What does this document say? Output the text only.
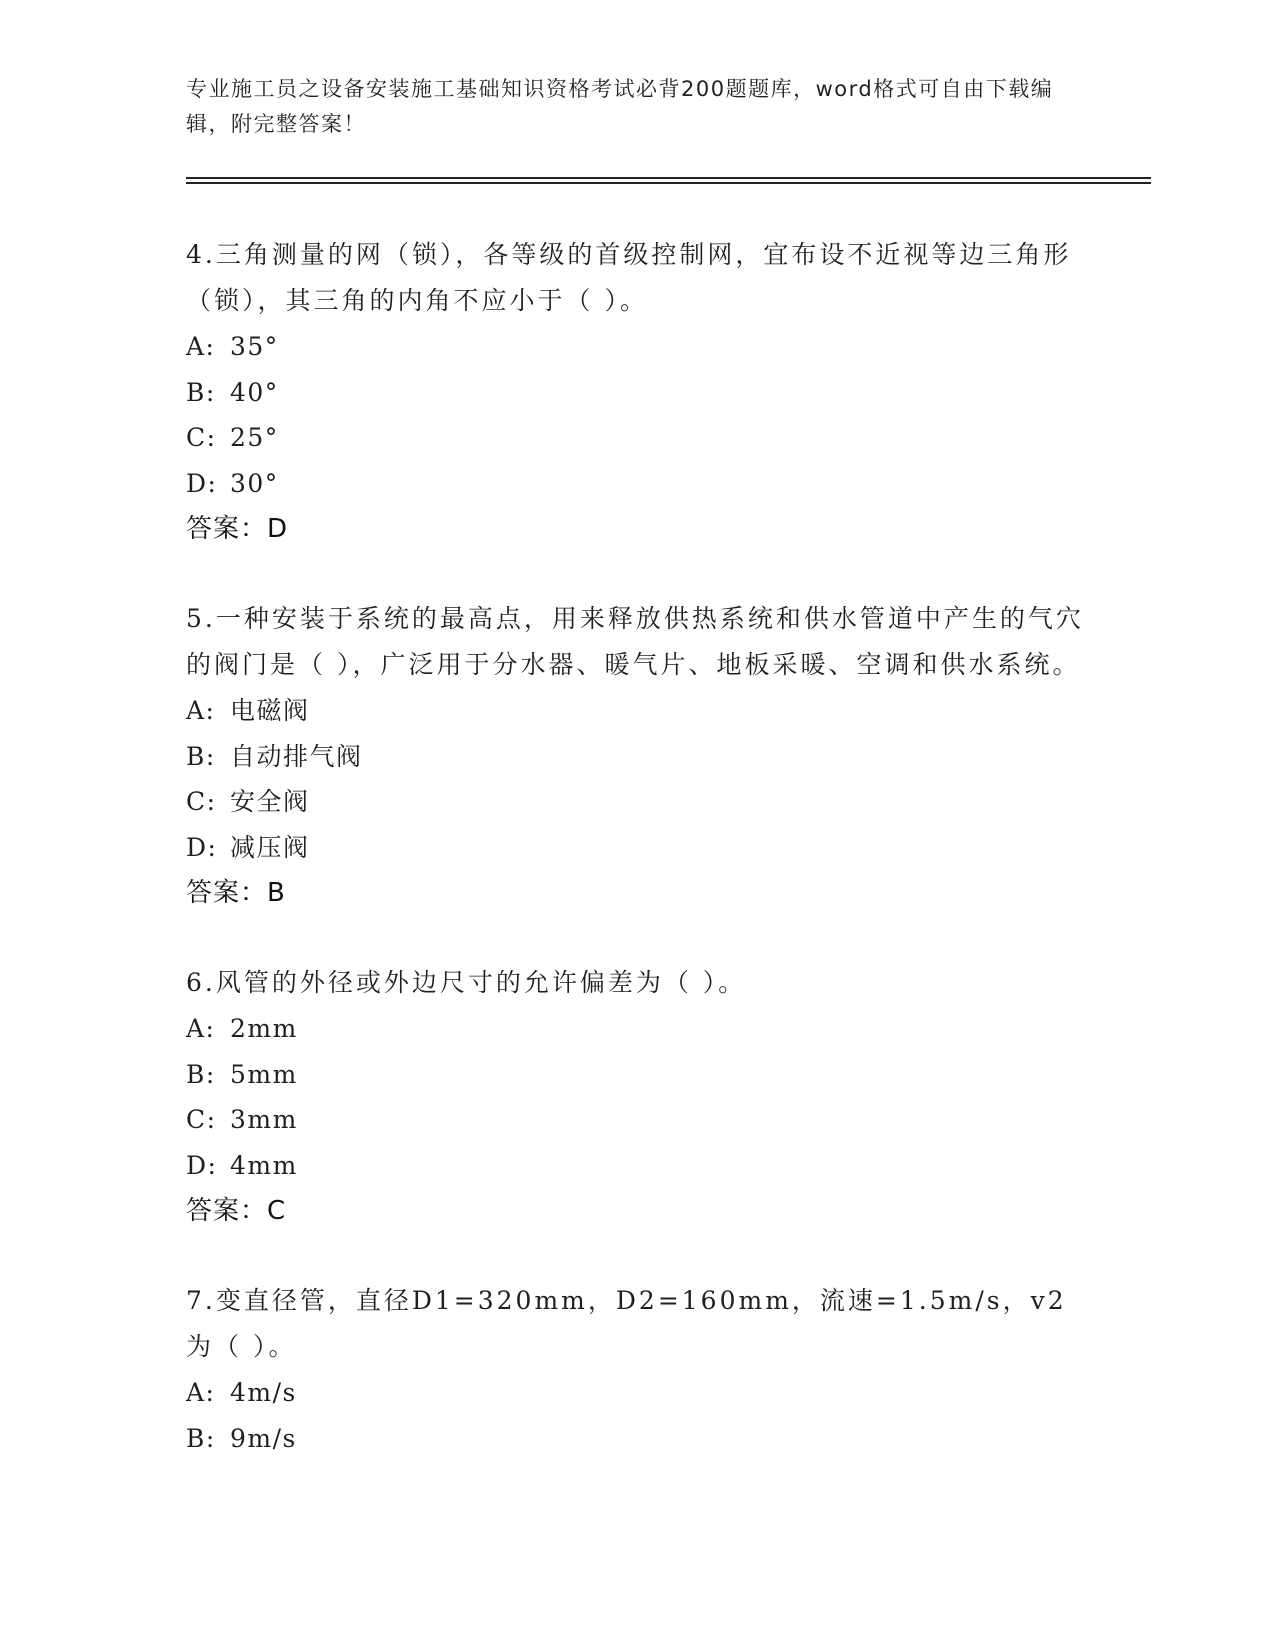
专业施工员之设备安装施工基础知识资格考试必背200题题库，word格式可自由下载编辑，附完整答案！
4.三角测量的网（锁），各等级的首级控制网，宜布设不近视等边三角形（锁），其三角的内角不应小于（ ）。
A: 35°
B: 40°
C: 25°
D: 30°
答案：D
5.一种安装于系统的最高点，用来释放供热系统和供水管道中产生的气穴的阀门是（ ），广泛用于分水器、暖气片、地板采暖、空调和供水系统。
A: 电磁阀
B: 自动排气阀
C: 安全阀
D: 减压阀
答案：B
6.风管的外径或外边尺寸的允许偏差为（ ）。
A: 2mm
B: 5mm
C: 3mm
D: 4mm
答案：C
7.变直径管，直径D1=320mm，D2=160mm，流速=1.5m/s，v2为（ ）。
A: 4m/s
B: 9m/s
